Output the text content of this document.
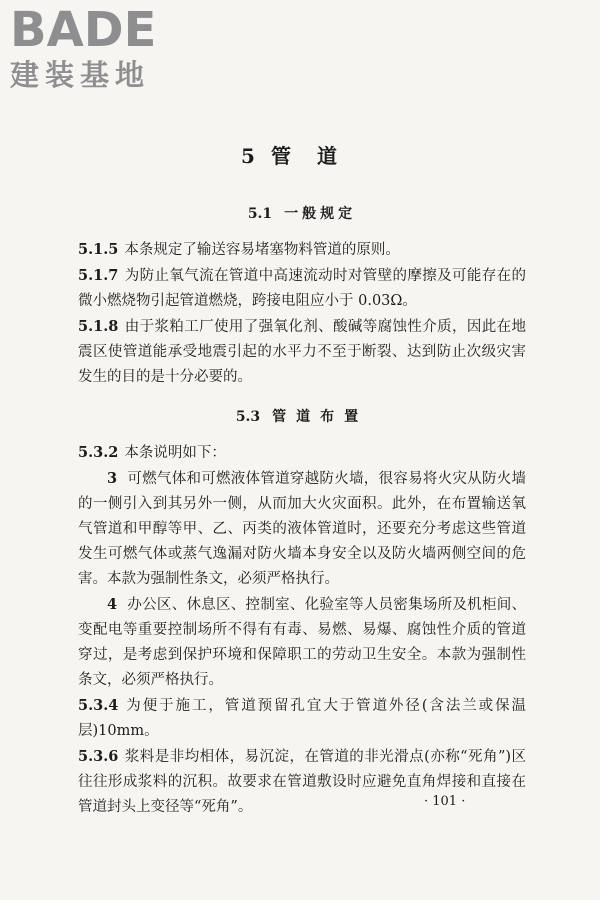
BADE
建装基地
5 管道
5.1 一般规定

5.1.5 本条规定了输送容易堵塞物料管道的原则。

5.1.7 为防止氧气流在管道中高速流动时对管壁的摩擦及可能存在的微小燃烧物引起管道燃烧，跨接电阻应小于 0.03Ω。

5.1.8 由于浆粕工厂使用了强氧化剂、酸碱等腐蚀性介质，因此在地震区使管道能承受地震引起的水平力不至于断裂、达到防止次级灾害发生的目的是十分必要的。

5.3 管道布置

5.3.2 本条说明如下：

3 可燃气体和可燃液体管道穿越防火墙，很容易将火灾从防火墙的一侧引入到其另外一侧，从而加大火灾面积。此外，在布置输送氧气管道和甲醇等甲、乙、丙类的液体管道时，还要充分考虑这些管道发生可燃气体或蒸气逸漏对防火墙本身安全以及防火墙两侧空间的危害。本款为强制性条文，必须严格执行。

4 办公区、休息区、控制室、化验室等人员密集场所及机柜间、变配电等重要控制场所不得有有毒、易燃、易爆、腐蚀性介质的管道穿过，是考虑到保护环境和保障职工的劳动卫生安全。本款为强制性条文，必须严格执行。

5.3.4 为便于施工，管道预留孔宜大于管道外径(含法兰或保温层)10mm。

5.3.6 浆料是非均相体，易沉淀，在管道的非光滑点(亦称“死角”)区往往形成浆料的沉积。故要求在管道敷设时应避免直角焊接和直接在管道封头上变径等“死角”。	· 101 ·
